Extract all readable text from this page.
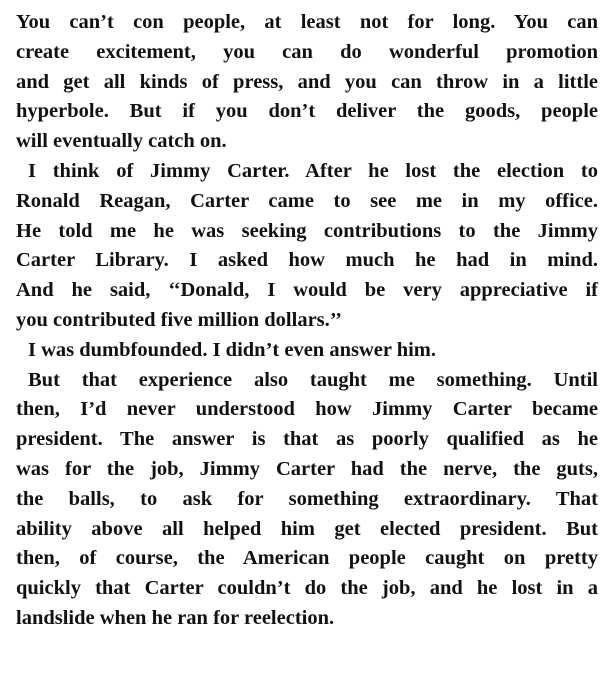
You can’t con people, at least not for long. You can
create excitement, you can do wonderful promotion
and get all kinds of press, and you can throw in a little
hyperbole. But if you don’t deliver the goods, people
will eventually catch on.
I think of Jimmy Carter. After he lost the election to
Ronald Reagan, Carter came to see me in my office.
He told me he was seeking contributions to the Jimmy
Carter Library. I asked how much he had in mind.
And he said, ‘‘Donald, I would be very appreciative if
you contributed five million dollars.’’
I was dumbfounded. I didn’t even answer him.
But that experience also taught me something. Until
then, I’d never understood how Jimmy Carter became
president. The answer is that as poorly qualified as he
was for the job, Jimmy Carter had the nerve, the guts,
the balls, to ask for something extraordinary. That
ability above all helped him get elected president. But
then, of course, the American people caught on pretty
quickly that Carter couldn’t do the job, and he lost in a
landslide when he ran for reelection.
